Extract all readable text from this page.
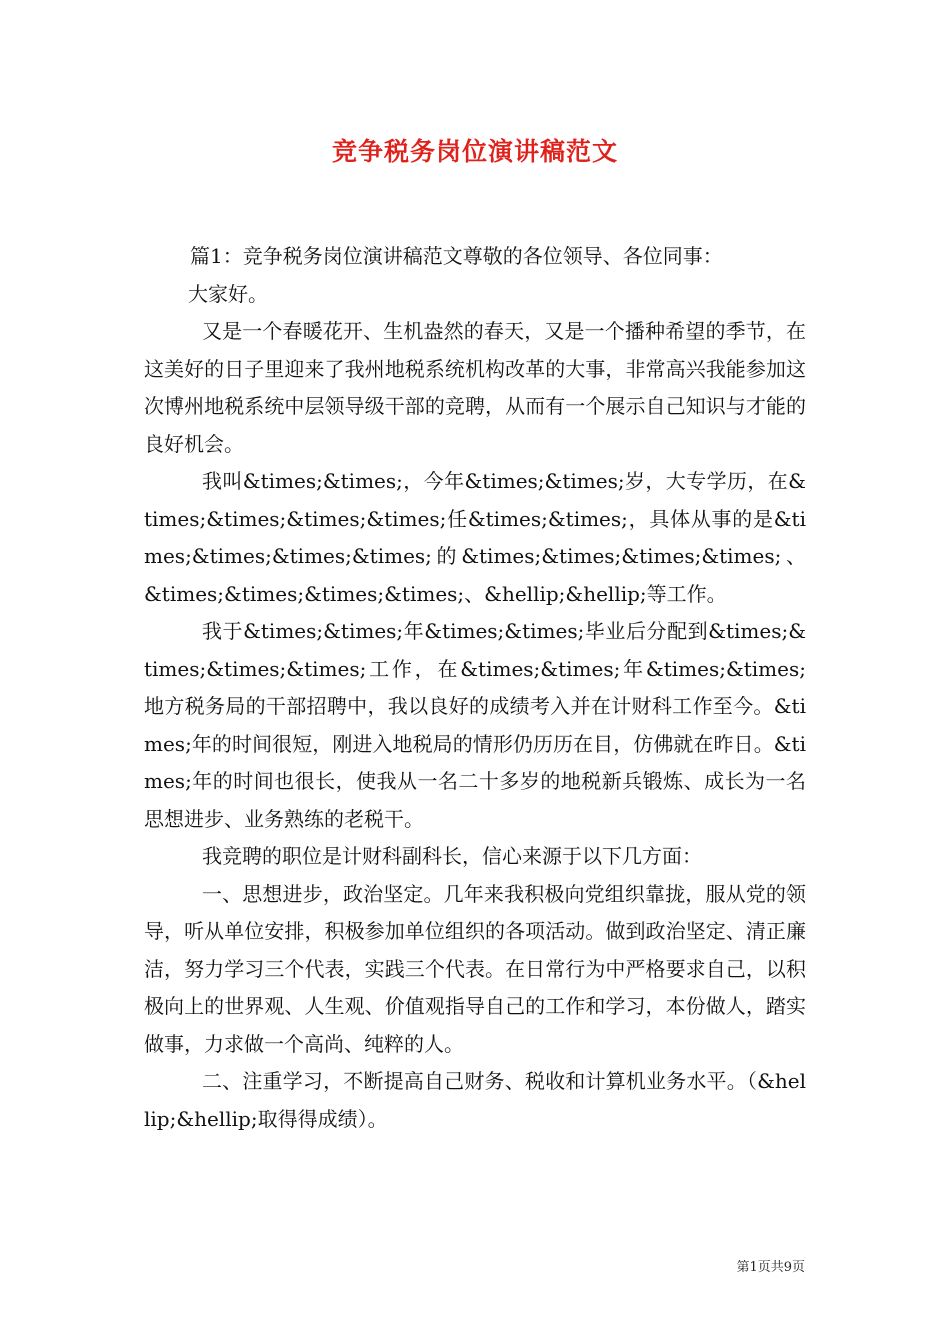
竞争税务岗位演讲稿范文

篇1：竞争税务岗位演讲稿范文尊敬的各位领导、各位同事：

大家好。

又是一个春暖花开、生机盎然的春天，又是一个播种希望的季节，在这美好的日子里迎来了我州地税系统机构改革的大事，非常高兴我能参加这次博州地税系统中层领导级干部的竞聘，从而有一个展示自己知识与才能的良好机会。

我叫&times;&times;，今年&times;&times;岁，大专学历，在&times;&times;&times;&times;任&times;&times;，具体从事的是&times;&times;&times;&times;的&times;&times;&times;&times;、&times;&times;&times;&times;、&hellip;&hellip;等工作。

我于&times;&times;年&times;&times;毕业后分配到&times;&times;&times;&times;工作，在&times;&times;年&times;&times;地方税务局的干部招聘中，我以良好的成绩考入并在计财科工作至今。&times;年的时间很短，刚进入地税局的情形仍历历在目，仿佛就在昨日。&times;年的时间也很长，使我从一名二十多岁的地税新兵锻炼、成长为一名思想进步、业务熟练的老税干。

我竞聘的职位是计财科副科长，信心来源于以下几方面：

一、思想进步，政治坚定。几年来我积极向党组织靠拢，服从党的领导，听从单位安排，积极参加单位组织的各项活动。做到政治坚定、清正廉洁，努力学习三个代表，实践三个代表。在日常行为中严格要求自己，以积极向上的世界观、人生观、价值观指导自己的工作和学习，本份做人，踏实做事，力求做一个高尚、纯粹的人。

二、注重学习，不断提高自己财务、税收和计算机业务水平。（&hellip;&hellip;取得得成绩）。

第1页共9页
